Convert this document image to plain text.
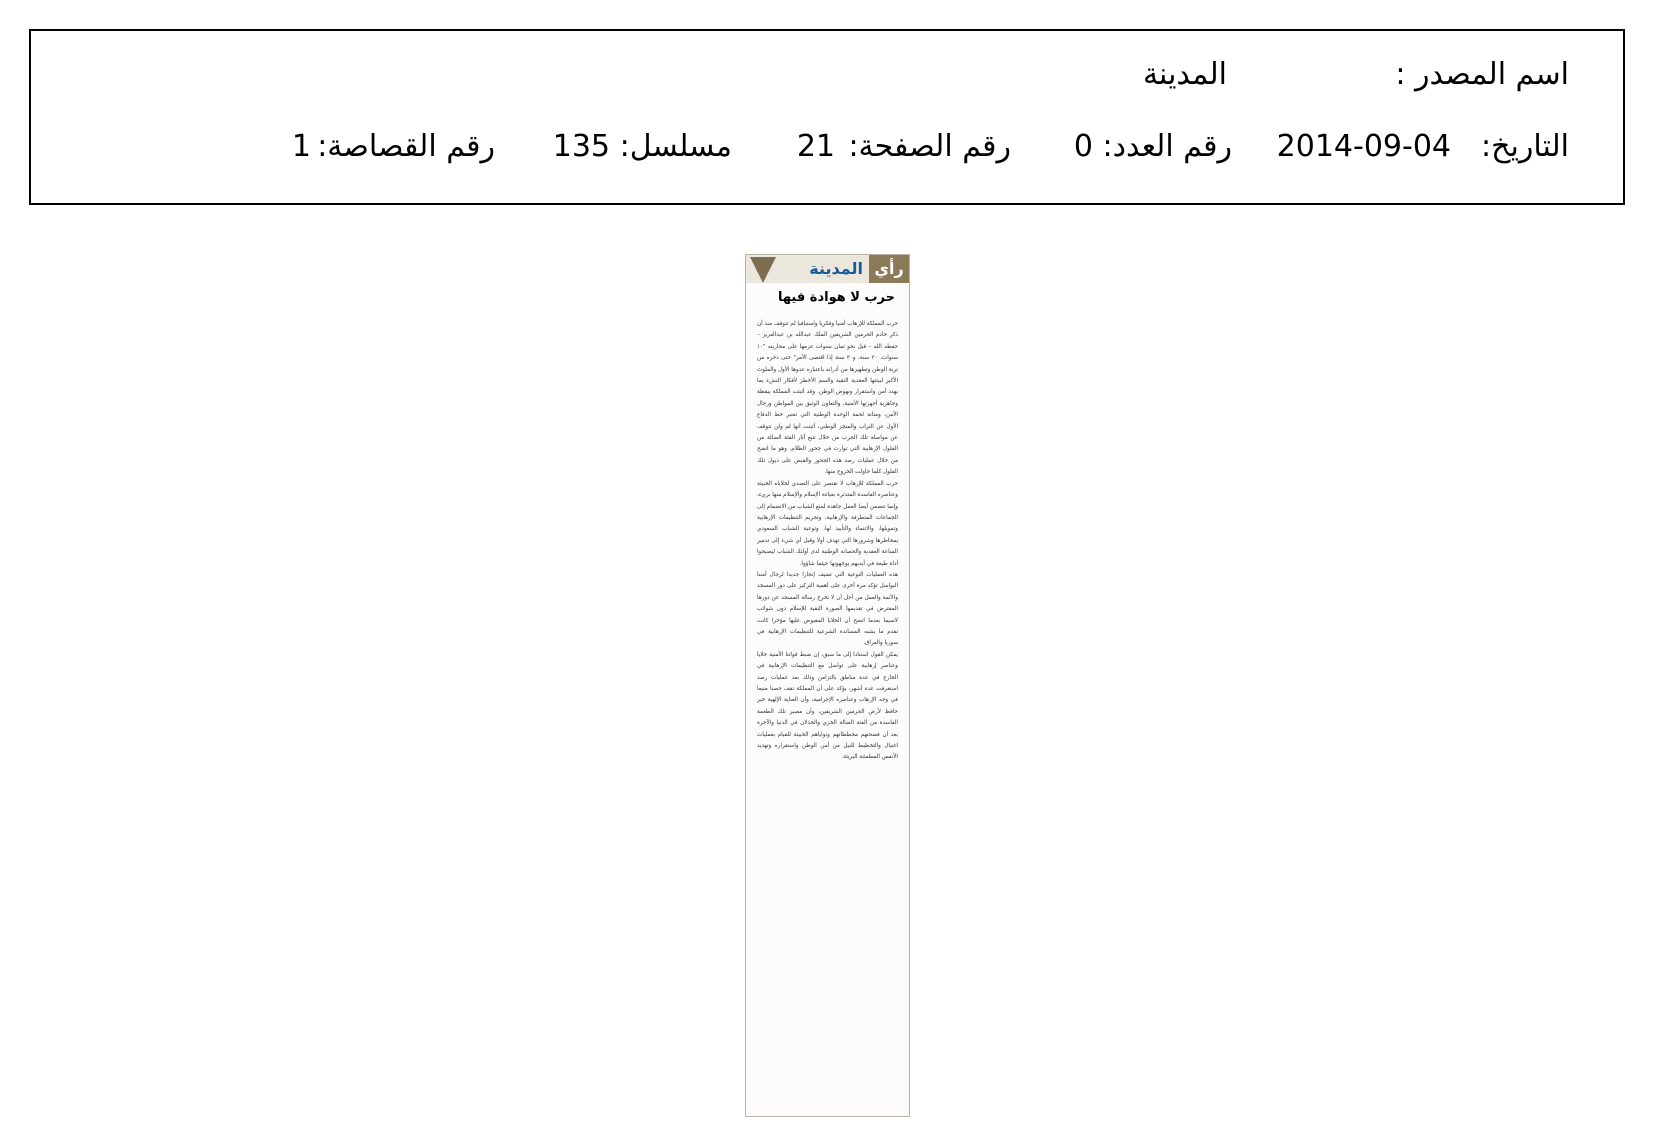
اسم المصدر :
المدينة
التاريخ:
2014-09-04
رقم العدد:
0
رقم الصفحة:
21
مسلسل:
135
رقم القصاصة:
1
رأي
المدينة
حرب لا هوادة فيها

حرب المملكة للإرهاب أمنيا وفكريا واستباقيا لم تتوقف منذ أن ذكر خادم الحرمين الشريفين الملك عبدالله بن عبدالعزيز – حفظه الله – قبل نحو ثمان سنوات عزمها على محاربته "١٠ سنوات، ٢٠ سنة، و٣٠ سنة إذا اقتضى الأمر" حتى دحره من تربة الوطن وتطهيرها من أدرانه باعتباره عدوها الأول والملوث الأكبر لبيئتها العقدية النقية والسم الأخطر لأفكار النشء بما يهدد أمن واستقرار ونهوض الوطن. وقد أثبتت المملكة بيقظة وجاهزية أجهزتها الأمنية، والتعاون الوثيق بين المواطن ورجال الأمن، ومتانة لحمة الوحدة الوطنية التي تعتبر خط الدفاع الأول عن التراب والمنجز الوطني، أثبتت أنها لم ولن تتوقف عن مواصلة تلك الحرب من خلال تتبع آثار الفئة الضالة من الفلول الإرهابية التي توارت في جحور الظلام، وهو ما اتضح من خلال عمليات رصد هذه الجحور والقبض على ذيول تلك الفلول كلما حاولت الخروج منها.

حرب المملكة للإرهاب لا تقتصر على التصدي لخلاياه الخبيثة وعناصره الفاسدة المتدثرة بعباءة الإسلام والإسلام منها بريء، وإنما تتضمن أيضا العمل جاهدة لمنع الشباب من الانضمام إلى الجماعات المتطرفة والإرهابية، وتجريم التنظيمات الإرهابية وتمويلها، والانتماء والتأييد لها، وتوعية الشباب السعودي بمخاطرها وشرورها التي تهدف أولا وقبل أي شيء إلى تدمير المناعة العقدية والحصانة الوطنية لدى أولئك الشباب ليصبحوا أداة طيعة في أيديهم يوجهونها حيثما شاؤوا.

هذه العمليات النوعية التي تضيف إنجازا جديدا لرجال أمننا البواسل تؤكد مرة أخرى على أهمية التركيز على دور المسجد والأئمة والعمل من أجل أن لا تخرج رسالة المسجد عن دورها المفترض في تقديمها الصورة النقية للإسلام دون شوائب لاسيما بعدما اتضح أن الخلايا المقبوض عليها مؤخرا كانت تقدم ما يشبه المساندة الشرعية للتنظيمات الإرهابية في سوريا والعراق.

يمكن القول استنادا إلى ما سبق، إن ضبط قواتنا الأمنية خلايا وعناصر إرهابية على تواصل مع التنظيمات الإرهابية في الخارج في عدة مناطق بالتزامن وذلك بعد عمليات رصد استغرقت عدة أشهر، يؤكد على أن المملكة تقف حصنا منيعا في وجه الإرهاب وعناصره الإجرامية، وأن العناية الإلهية خير حافظ لأرض الحرمين الشريفين، وأن مصير تلك الطغمة الفاسدة من الفئة الضالة الخزي والخذلان في الدنيا والآخرة بعد أن فضحتهم مخططاتهم ونواياهم الخبيثة للقيام بعمليات اغتيال والتخطيط للنيل من أمن الوطن واستقراره وتهديد الأنفس المطمئنة البريئة.
